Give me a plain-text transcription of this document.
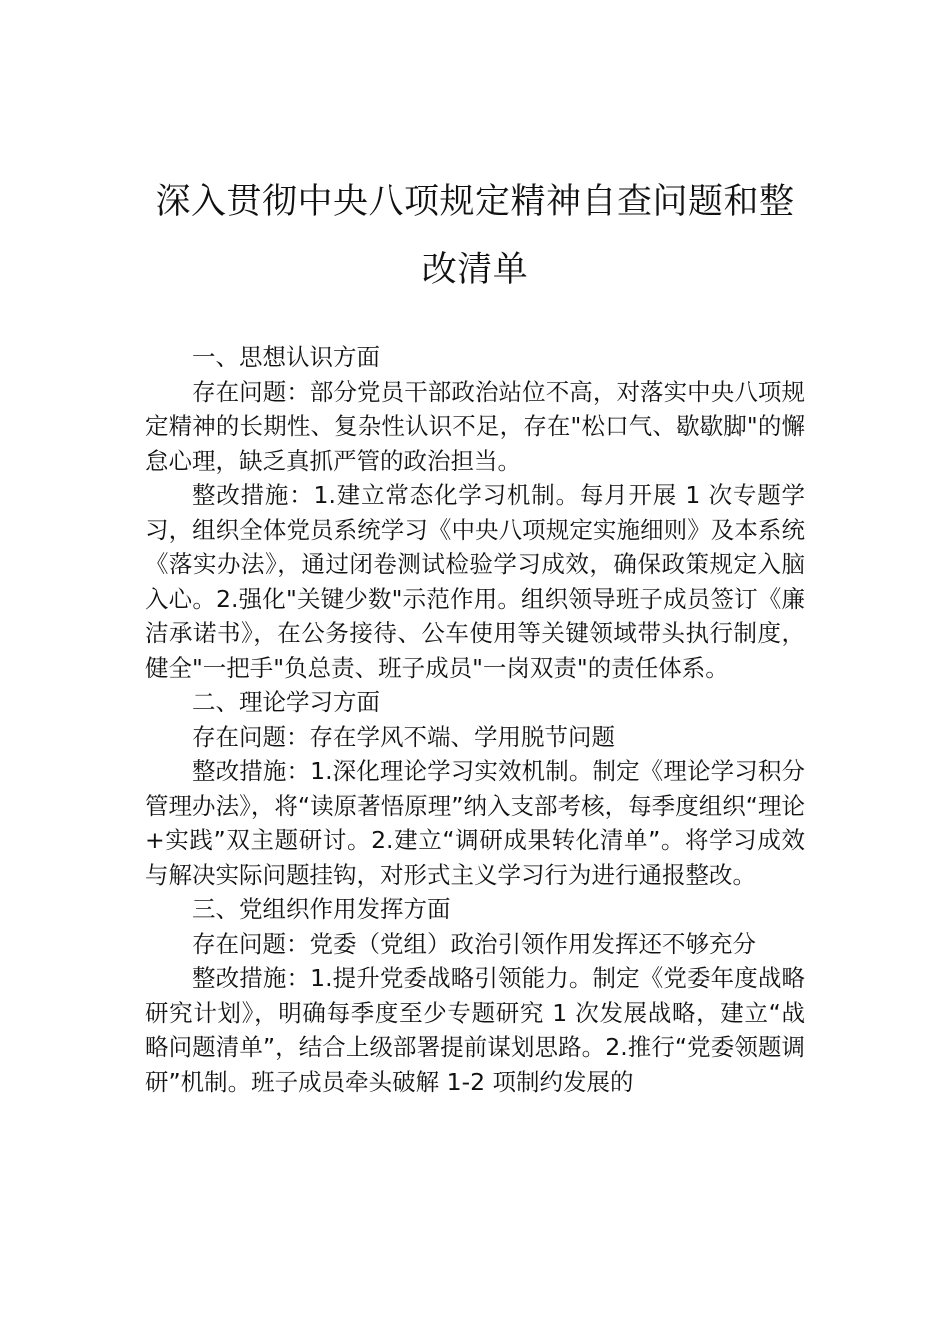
深入贯彻中央八项规定精神自查问题和整改清单

一、思想认识方面

存在问题：部分党员干部政治站位不高，对落实中央八项规定精神的长期性、复杂性认识不足，存在"松口气、歇歇脚"的懈怠心理，缺乏真抓严管的政治担当。

整改措施：1.建立常态化学习机制。每月开展 1 次专题学习，组织全体党员系统学习《中央八项规定实施细则》及本系统《落实办法》，通过闭卷测试检验学习成效，确保政策规定入脑入心。2.强化"关键少数"示范作用。组织领导班子成员签订《廉洁承诺书》，在公务接待、公车使用等关键领域带头执行制度，健全"一把手"负总责、班子成员"一岗双责"的责任体系。

二、理论学习方面

存在问题：存在学风不端、学用脱节问题

整改措施：1.深化理论学习实效机制。制定《理论学习积分管理办法》，将“读原著悟原理”纳入支部考核，每季度组织“理论+实践”双主题研讨。2.建立“调研成果转化清单”。将学习成效与解决实际问题挂钩，对形式主义学习行为进行通报整改。

三、党组织作用发挥方面

存在问题：党委（党组）政治引领作用发挥还不够充分

整改措施：1.提升党委战略引领能力。制定《党委年度战略研究计划》，明确每季度至少专题研究 1 次发展战略，建立“战略问题清单”，结合上级部署提前谋划思路。2.推行“党委领题调研”机制。班子成员牵头破解 1-2 项制约发展的
